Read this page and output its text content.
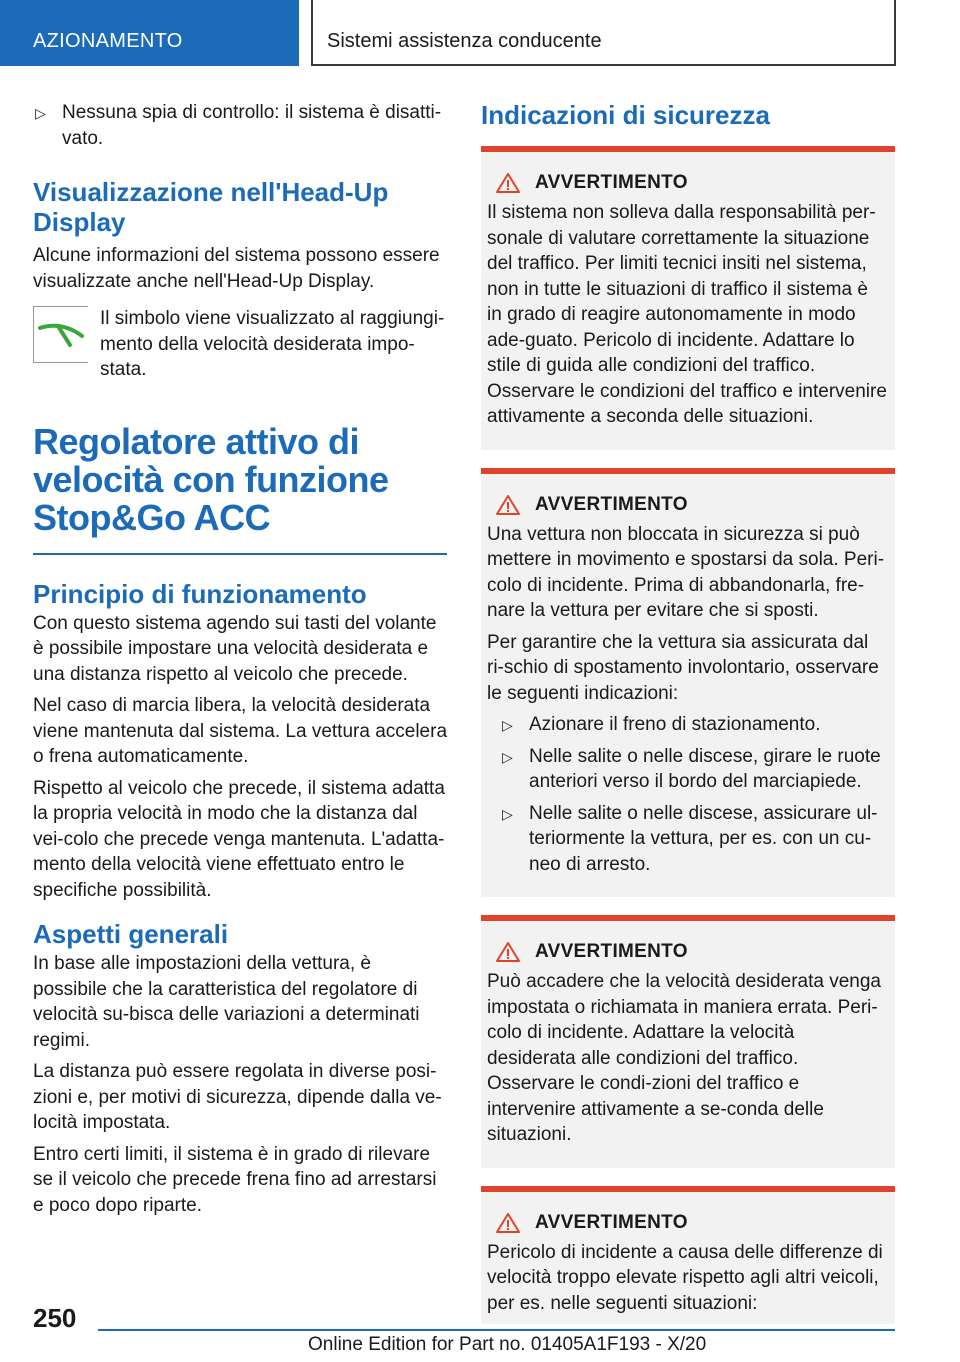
AZIONAMENTO	Sistemi assistenza conducente
▷ Nessuna spia di controllo: il sistema è disatti-vato.
Visualizzazione nell'Head-Up Display

Alcune informazioni del sistema possono essere visualizzate anche nell'Head-Up Display.

Il simbolo viene visualizzato al raggiungi-mento della velocità desiderata impo-stata.
Regolatore attivo di velocità con funzione Stop&Go ACC
Principio di funzionamento

Con questo sistema agendo sui tasti del volante è possibile impostare una velocità desiderata e una distanza rispetto al veicolo che precede.

Nel caso di marcia libera, la velocità desiderata viene mantenuta dal sistema. La vettura accelera o frena automaticamente.

Rispetto al veicolo che precede, il sistema adatta la propria velocità in modo che la distanza dal vei-colo che precede venga mantenuta. L'adatta-mento della velocità viene effettuato entro le specifiche possibilità.

Aspetti generali

In base alle impostazioni della vettura, è possibile che la caratteristica del regolatore di velocità su-bisca delle variazioni a determinati regimi.

La distanza può essere regolata in diverse posi-zioni e, per motivi di sicurezza, dipende dalla ve-locità impostata.

Entro certi limiti, il sistema è in grado di rilevare se il veicolo che precede frena fino ad arrestarsi e poco dopo riparte.

Indicazioni di sicurezza
AVVERTIMENTO

Il sistema non solleva dalla responsabilità per-sonale di valutare correttamente la situazione del traffico. Per limiti tecnici insiti nel sistema, non in tutte le situazioni di traffico il sistema è in grado di reagire autonomamente in modo ade-guato. Pericolo di incidente. Adattare lo stile di guida alle condizioni del traffico. Osservare le condizioni del traffico e intervenire attivamente a seconda delle situazioni.

AVVERTIMENTO

Una vettura non bloccata in sicurezza si può mettere in movimento e spostarsi da sola. Peri-colo di incidente. Prima di abbandonarla, fre-nare la vettura per evitare che si sposti.

Per garantire che la vettura sia assicurata dal ri-schio di spostamento involontario, osservare le seguenti indicazioni:

▷ Azionare il freno di stazionamento.
▷ Nelle salite o nelle discese, girare le ruote anteriori verso il bordo del marciapiede.
▷ Nelle salite o nelle discese, assicurare ul-teriormente la vettura, per es. con un cu-neo di arresto.
AVVERTIMENTO

Può accadere che la velocità desiderata venga impostata o richiamata in maniera errata. Peri-colo di incidente. Adattare la velocità desiderata alle condizioni del traffico. Osservare le condi-zioni del traffico e intervenire attivamente a se-conda delle situazioni.

AVVERTIMENTO

Pericolo di incidente a causa delle differenze di velocità troppo elevate rispetto agli altri veicoli, per es. nelle seguenti situazioni:

250
Online Edition for Part no. 01405A1F193 - X/20
